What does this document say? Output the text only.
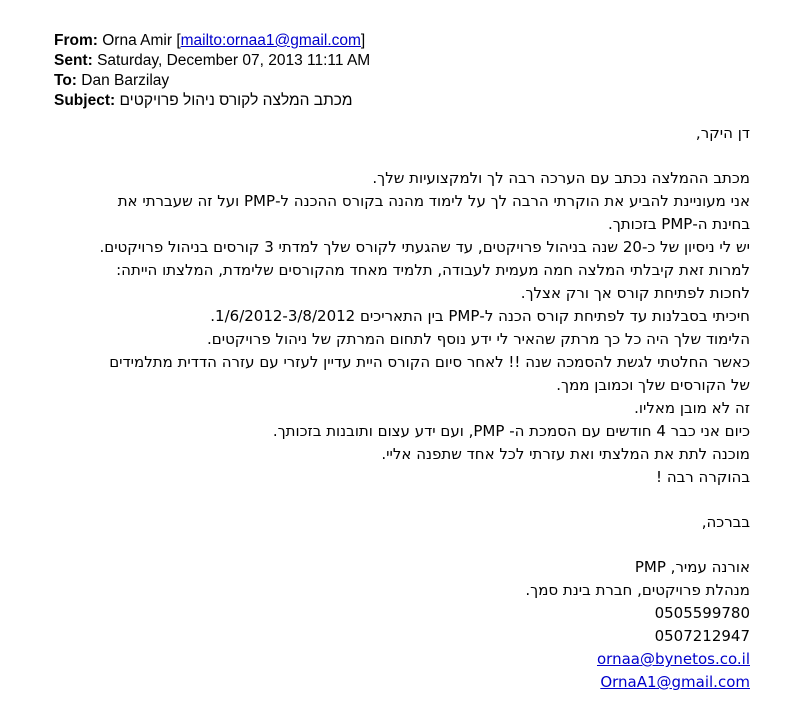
From: Orna Amir [mailto:ornaa1@gmail.com]
Sent: Saturday, December 07, 2013 11:11 AM
To: Dan Barzilay
Subject: מכתב המלצה לקורס ניהול פרויקטים
דן היקר,
מכתב ההמלצה נכתב עם הערכה רבה לך ולמקצועיות שלך.
אני מעוניינת להביע את הוקרתי הרבה לך על לימוד מהנה בקורס ההכנה ל-PMP ועל זה שעברתי את
בחינת ה-PMP בזכותך.
יש לי ניסיון של כ-20 שנה בניהול פרויקטים, עד שהגעתי לקורס שלך למדתי 3 קורסים בניהול פרויקטים.
למרות זאת קיבלתי המלצה חמה מעמית לעבודה, תלמיד מאחד מהקורסים שלימדת, המלצתו הייתה:
לחכות לפתיחת קורס אך ורק אצלך.
חיכיתי בסבלנות עד לפתיחת קורס הכנה ל-PMP בין התאריכים 1/6/2012-3/8/2012.
הלימוד שלך היה כל כך מרתק שהאיר לי ידע נוסף לתחום המרתק של ניהול פרויקטים.
כאשר החלטתי לגשת להסמכה שנה !! לאחר סיום הקורס היית עדיין לעזרי עם עזרה הדדית מתלמידים
של הקורסים שלך וכמובן ממך.
זה לא מובן מאליו.
כיום אני כבר 4 חודשים עם הסמכת ה- PMP, ועם ידע עצום ותובנות בזכותך.
מוכנה לתת את המלצתי ואת עזרתי לכל אחד שתפנה אליי.
בהוקרה רבה !
בברכה,
אורנה עמיר, PMP
מנהלת פרויקטים, חברת בינת סמך.
0505599780
0507212947
ornaa@bynetos.co.il
OrnaA1@gmail.com
